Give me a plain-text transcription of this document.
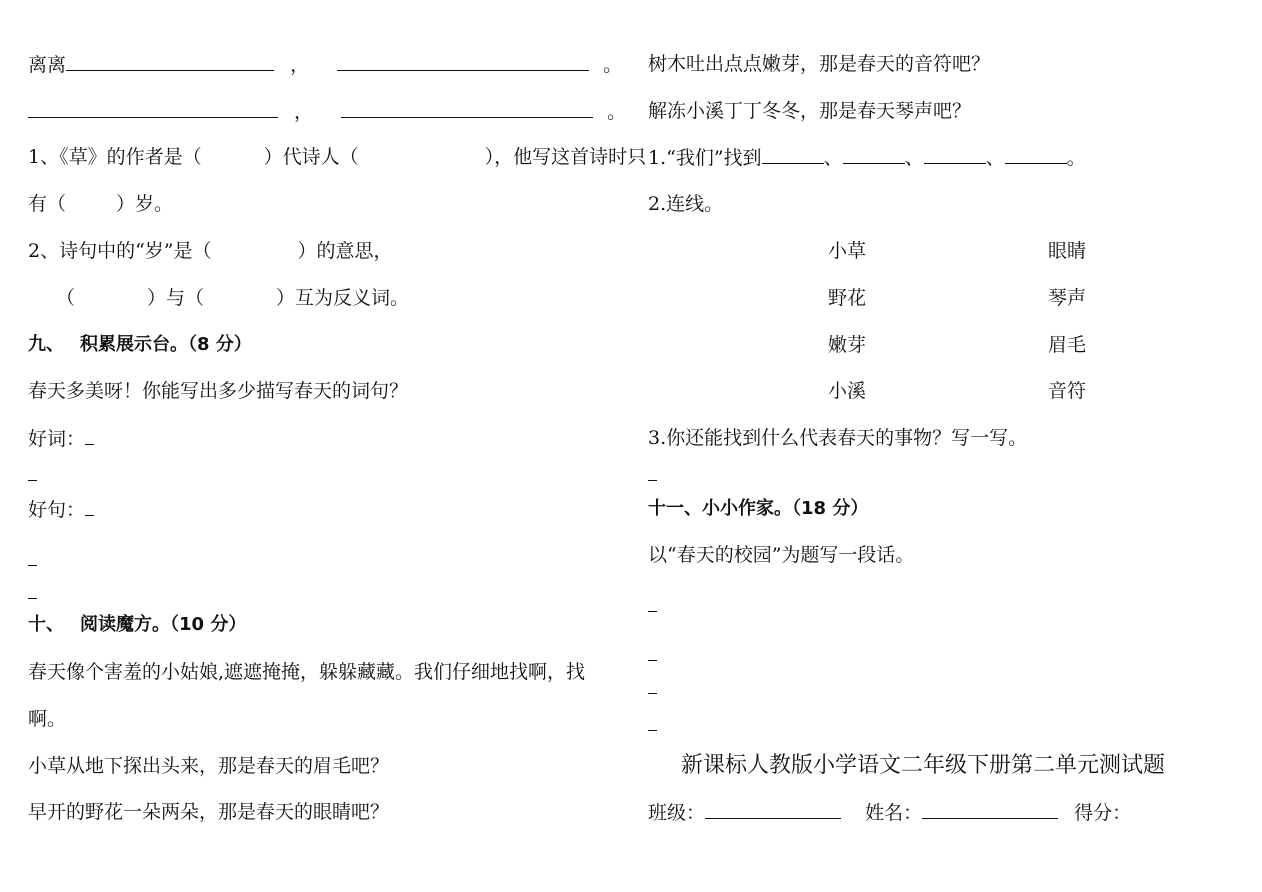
离离	，	。
，	。
1、《草》的作者是（	）代诗人（	），他写这首诗时只
有（	）岁。
2、诗句中的“岁”是（	）的意思，
（	）与（	）互为反义词。
九、 积累展示台。（8 分）
春天多美呀！你能写出多少描写春天的词句？
好词：
好句：
十、 阅读魔方。（10 分）
春天像个害羞的小姑娘,遮遮掩掩，躲躲藏藏。我们仔细地找啊，找
啊。
小草从地下探出头来，那是春天的眉毛吧？
早开的野花一朵两朵，那是春天的眼睛吧？
树木吐出点点嫩芽，那是春天的音符吧？
解冻小溪丁丁冬冬，那是春天琴声吧？
1.“我们”找到	、	、	、	。
2.连线。
小草	眼睛
野花	琴声
嫩芽	眉毛
小溪	音符
3.你还能找到什么代表春天的事物？写一写。
十一、小小作家。（18 分）
以“春天的校园”为题写一段话。
新课标人教版小学语文二年级下册第二单元测试题
班级：	姓名：	得分：
